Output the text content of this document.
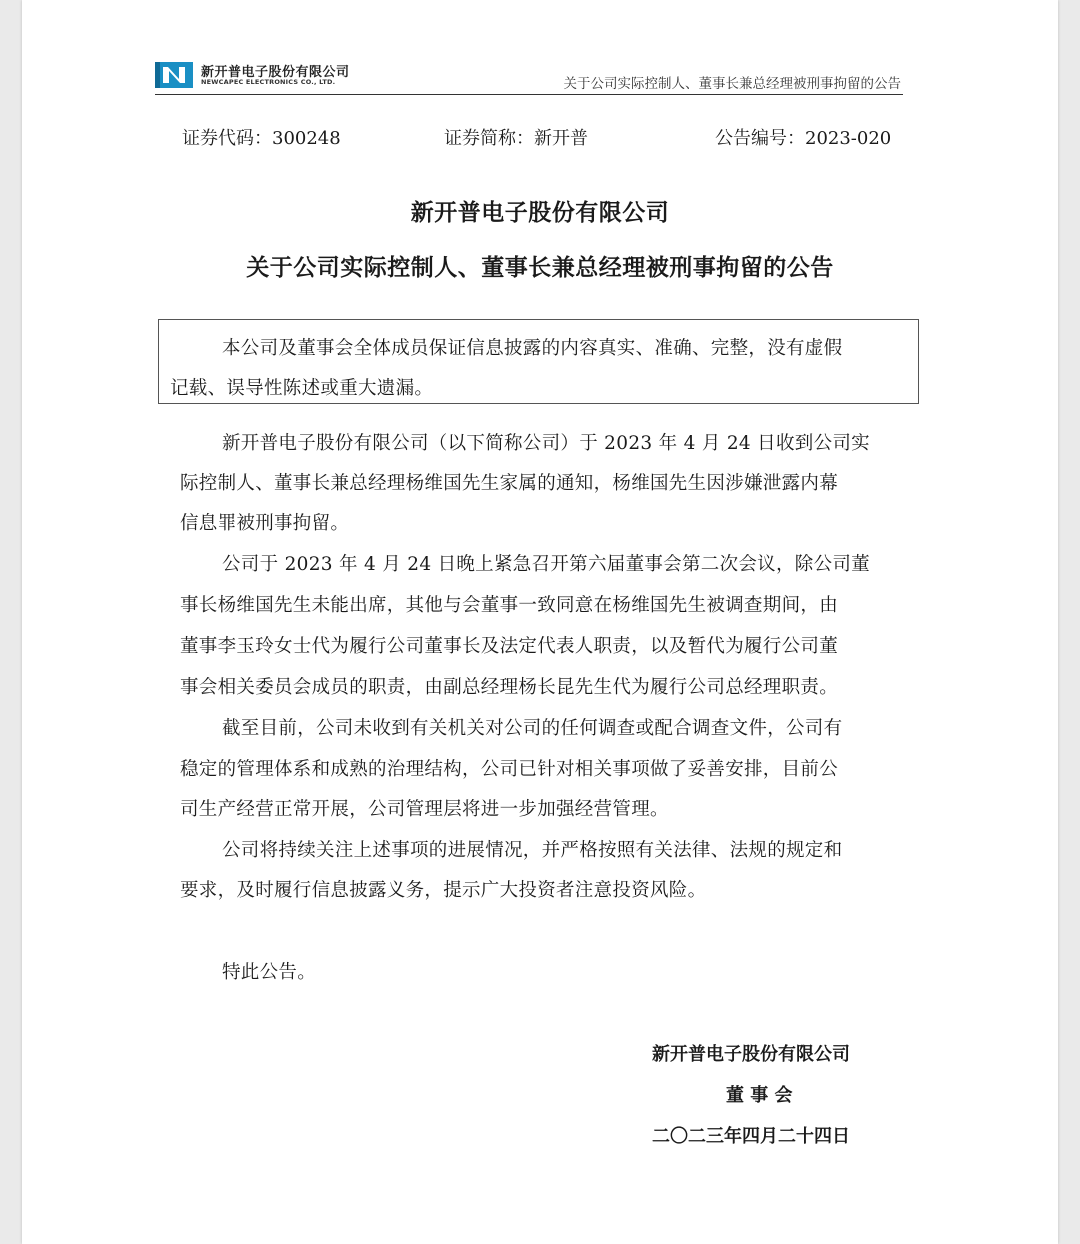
新开普电子股份有限公司
NEWCAPEC ELECTRONICS CO., LTD.	关于公司实际控制人、董事长兼总经理被刑事拘留的公告
证券代码：300248	证券简称：新开普	公告编号：2023-020
新开普电子股份有限公司
关于公司实际控制人、董事长兼总经理被刑事拘留的公告
本公司及董事会全体成员保证信息披露的内容真实、准确、完整，没有虚假
记载、误导性陈述或重大遗漏。
新开普电子股份有限公司（以下简称公司）于 2023 年 4 月 24 日收到公司实
际控制人、董事长兼总经理杨维国先生家属的通知，杨维国先生因涉嫌泄露内幕
信息罪被刑事拘留。
公司于 2023 年 4 月 24 日晚上紧急召开第六届董事会第二次会议，除公司董
事长杨维国先生未能出席，其他与会董事一致同意在杨维国先生被调查期间，由
董事李玉玲女士代为履行公司董事长及法定代表人职责，以及暂代为履行公司董
事会相关委员会成员的职责，由副总经理杨长昆先生代为履行公司总经理职责。
截至目前，公司未收到有关机关对公司的任何调查或配合调查文件，公司有
稳定的管理体系和成熟的治理结构，公司已针对相关事项做了妥善安排，目前公
司生产经营正常开展，公司管理层将进一步加强经营管理。
公司将持续关注上述事项的进展情况，并严格按照有关法律、法规的规定和
要求，及时履行信息披露义务，提示广大投资者注意投资风险。
特此公告。
新开普电子股份有限公司
董 事 会
二〇二三年四月二十四日
